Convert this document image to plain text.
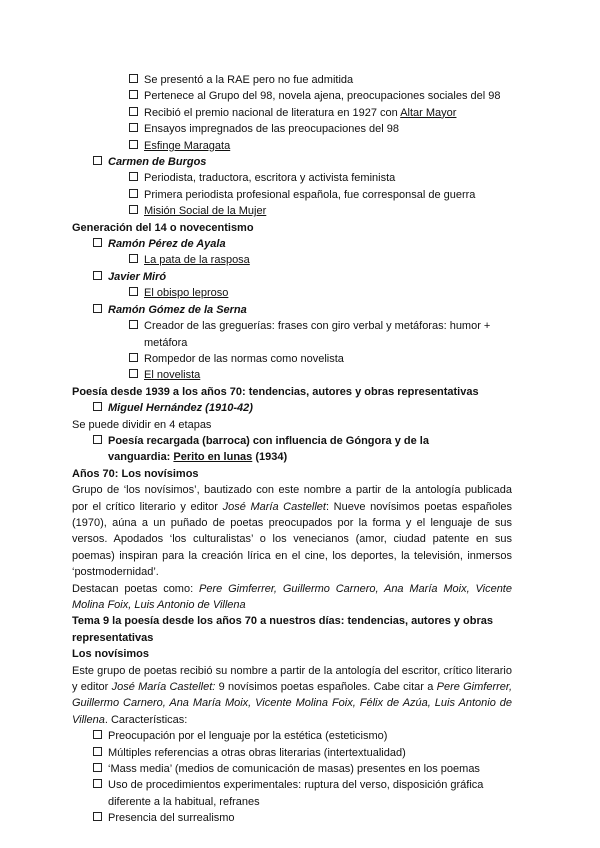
Se presentó a la RAE pero no fue admitida
Pertenece al Grupo del 98, novela ajena, preocupaciones sociales del 98
Recibió el premio nacional de literatura en 1927 con Altar Mayor
Ensayos impregnados de las preocupaciones del 98
Esfinge Maragata
Carmen de Burgos
Periodista, traductora, escritora y activista feminista
Primera periodista profesional española, fue corresponsal de guerra
Misión Social de la Mujer
Generación del 14 o novecentismo
Ramón Pérez de Ayala
La pata de la rasposa
Javier Miró
El obispo leproso
Ramón Gómez de la Serna
Creador de las greguerías: frases con giro verbal y metáforas: humor + metáfora
Rompedor de las normas como novelista
El novelista
Poesía desde 1939 a los años 70: tendencias, autores y obras representativas
Miguel Hernández (1910-42)
Se puede dividir en 4 etapas
Poesía recargada (barroca) con influencia de Góngora y de la vanguardia: Perito en lunas (1934)
Años 70: Los novísimos
Grupo de ‘los novísimos’, bautizado con este nombre a partir de la antología publicada por el crítico literario y editor José María Castellet: Nueve novísimos poetas españoles (1970), aúna a un puñado de poetas preocupados por la forma y el lenguaje de sus versos. Apodados ‘los culturalistas’ o los venecianos (amor, ciudad patente en sus poemas) inspiran para la creación lírica en el cine, los deportes, la televisión, inmersos ‘postmodernidad’.
Destacan poetas como: Pere Gimferrer, Guillermo Carnero, Ana María Moix, Vicente Molina Foix, Luis Antonio de Villena
Tema 9 la poesía desde los años 70 a nuestros días: tendencias, autores y obras representativas
Los novísimos
Este grupo de poetas recibió su nombre a partir de la antología del escritor, crítico literario y editor José María Castellet: 9 novísimos poetas españoles. Cabe citar a Pere Gimferrer, Guillermo Carnero, Ana María Moix, Vicente Molina Foix, Félix de Azúa, Luis Antonio de Villena. Características:
Preocupación por el lenguaje por la estética (esteticismo)
Múltiples referencias a otras obras literarias (intertextualidad)
‘Mass media’ (medios de comunicación de masas) presentes en los poemas
Uso de procedimientos experimentales: ruptura del verso, disposición gráfica diferente a la habitual, refranes
Presencia del surrealismo
